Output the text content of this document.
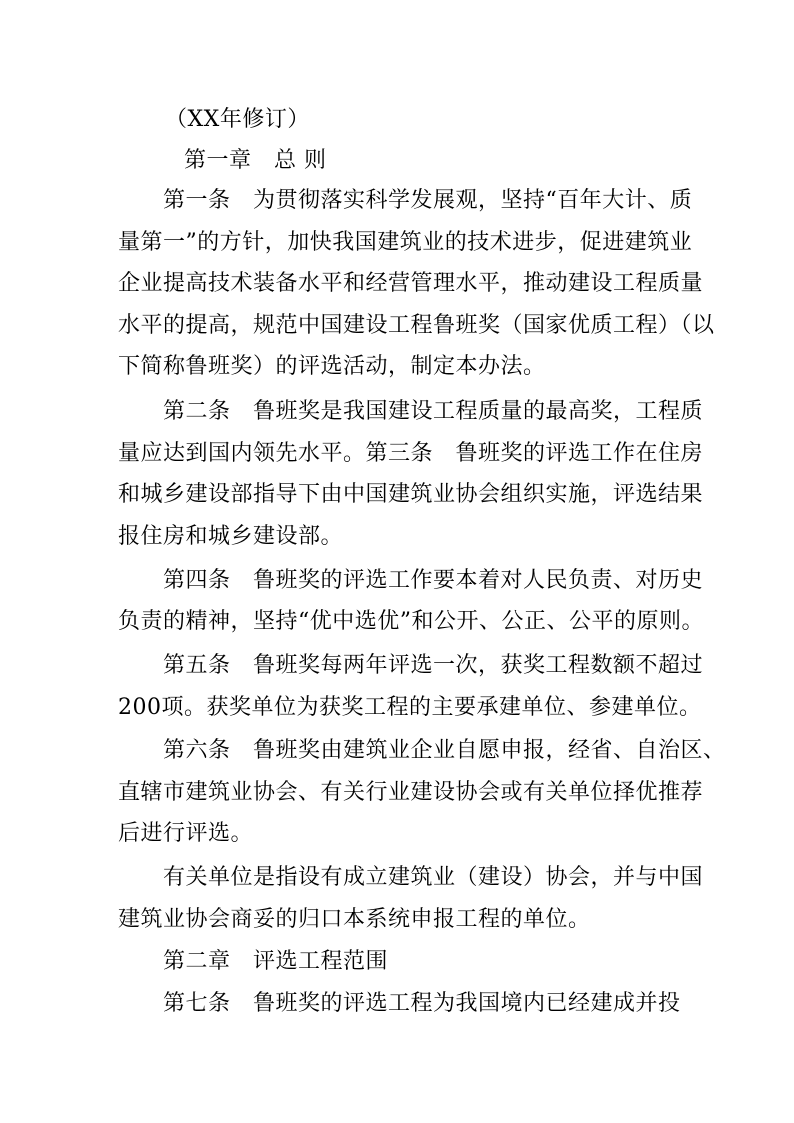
（XX年修订）
第一章　总 则
第一条　为贯彻落实科学发展观，坚持“百年大计、质
量第一”的方针，加快我国建筑业的技术进步，促进建筑业
企业提高技术装备水平和经营管理水平，推动建设工程质量
水平的提高，规范中国建设工程鲁班奖（国家优质工程）（以
下简称鲁班奖）的评选活动，制定本办法。
第二条　鲁班奖是我国建设工程质量的最高奖，工程质
量应达到国内领先水平。第三条　鲁班奖的评选工作在住房
和城乡建设部指导下由中国建筑业协会组织实施，评选结果
报住房和城乡建设部。
第四条　鲁班奖的评选工作要本着对人民负责、对历史
负责的精神，坚持“优中选优”和公开、公正、公平的原则。
第五条　鲁班奖每两年评选一次，获奖工程数额不超过
200项。获奖单位为获奖工程的主要承建单位、参建单位。
第六条　鲁班奖由建筑业企业自愿申报，经省、自治区、
直辖市建筑业协会、有关行业建设协会或有关单位择优推荐
后进行评选。
有关单位是指设有成立建筑业（建设）协会，并与中国
建筑业协会商妥的归口本系统申报工程的单位。
第二章　评选工程范围
第七条　鲁班奖的评选工程为我国境内已经建成并投
